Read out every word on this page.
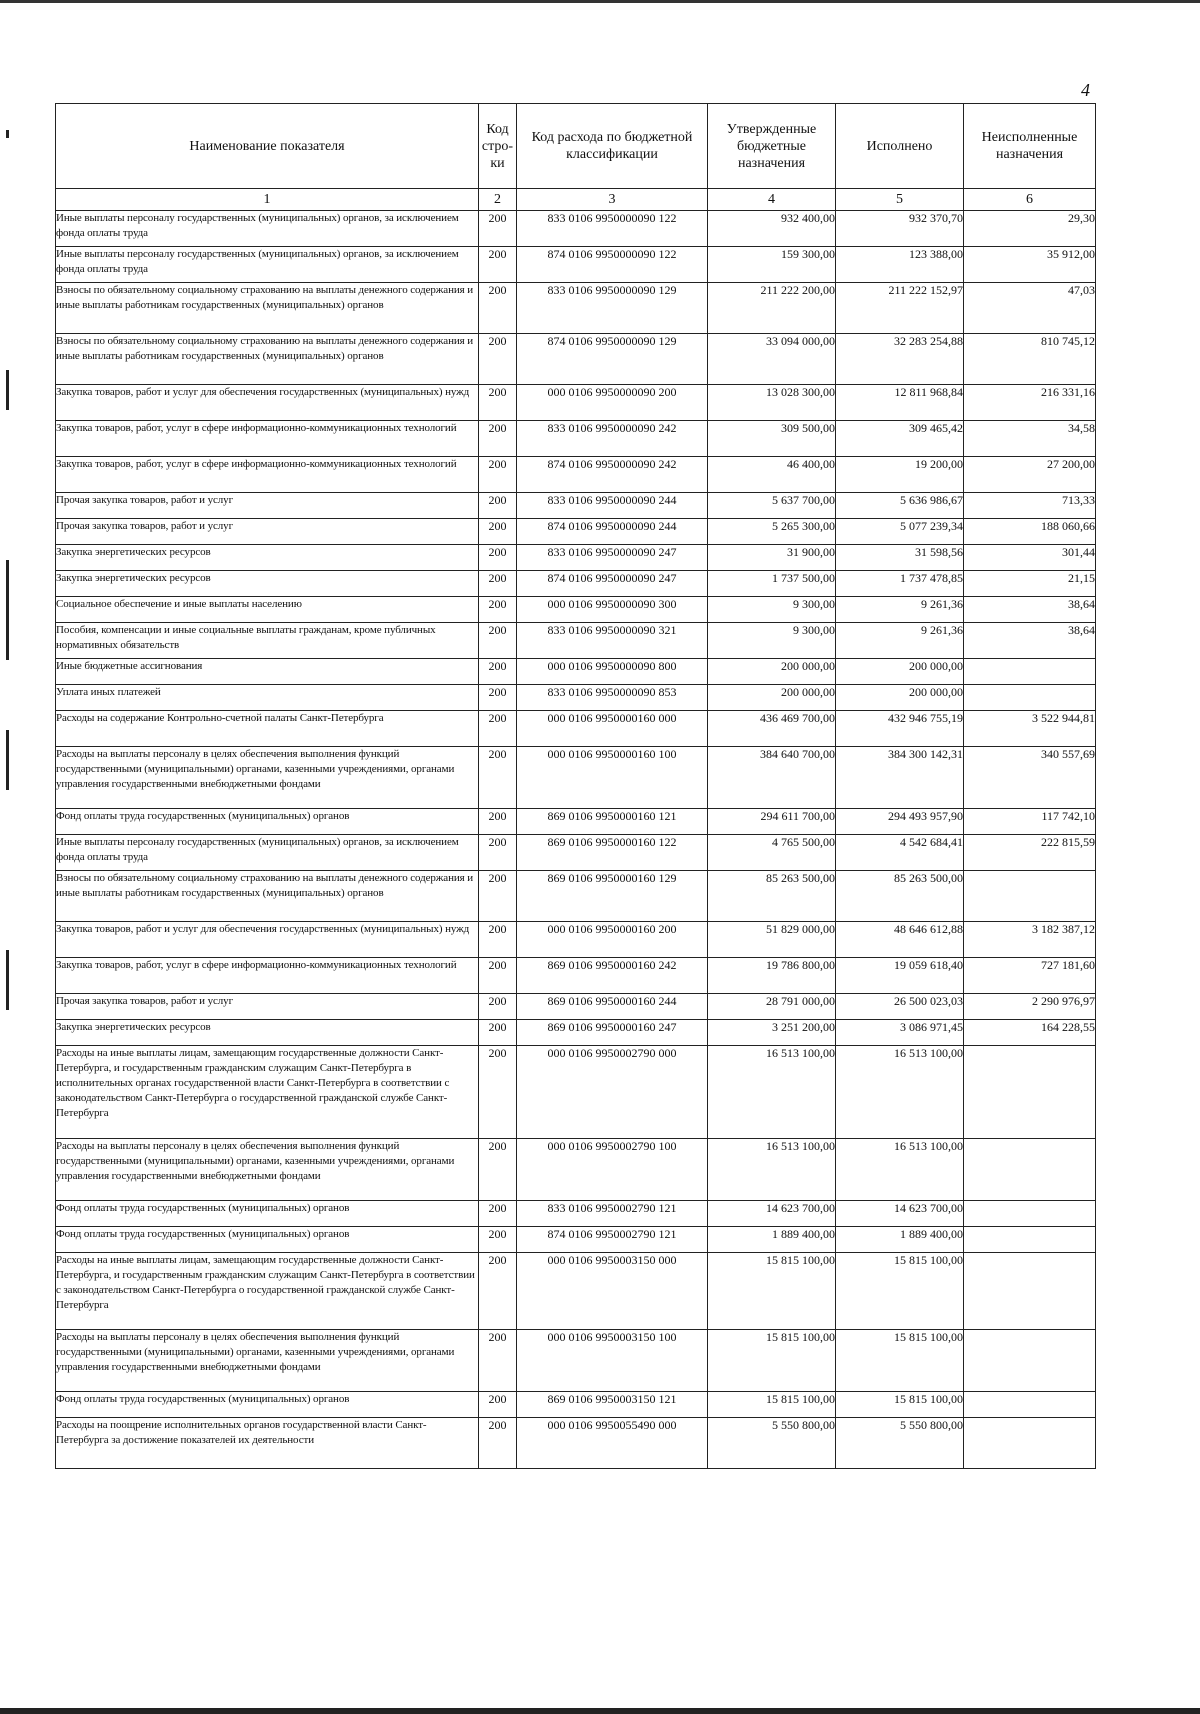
4
Наименование показателя	Код стро-ки	Код расхода по бюджетной классификации	Утвержденные бюджетные назначения	Исполнено	Неисполненные назначения
1	2	3	4	5	6
Иные выплаты персоналу государственных (муниципальных) органов, за исключением фонда оплаты труда	200	833 0106 9950000090 122	932 400,00	932 370,70	29,30
Иные выплаты персоналу государственных (муниципальных) органов, за исключением фонда оплаты труда	200	874 0106 9950000090 122	159 300,00	123 388,00	35 912,00
Взносы по обязательному социальному страхованию на выплаты денежного содержания и иные выплаты работникам государственных (муниципальных) органов	200	833 0106 9950000090 129	211 222 200,00	211 222 152,97	47,03
Взносы по обязательному социальному страхованию на выплаты денежного содержания и иные выплаты работникам государственных (муниципальных) органов	200	874 0106 9950000090 129	33 094 000,00	32 283 254,88	810 745,12
Закупка товаров, работ и услуг для обеспечения государственных (муниципальных) нужд	200	000 0106 9950000090 200	13 028 300,00	12 811 968,84	216 331,16
Закупка товаров, работ, услуг в сфере информационно-коммуникационных технологий	200	833 0106 9950000090 242	309 500,00	309 465,42	34,58
Закупка товаров, работ, услуг в сфере информационно-коммуникационных технологий	200	874 0106 9950000090 242	46 400,00	19 200,00	27 200,00
Прочая закупка товаров, работ и услуг	200	833 0106 9950000090 244	5 637 700,00	5 636 986,67	713,33
Прочая закупка товаров, работ и услуг	200	874 0106 9950000090 244	5 265 300,00	5 077 239,34	188 060,66
Закупка энергетических ресурсов	200	833 0106 9950000090 247	31 900,00	31 598,56	301,44
Закупка энергетических ресурсов	200	874 0106 9950000090 247	1 737 500,00	1 737 478,85	21,15
Социальное обеспечение и иные выплаты населению	200	000 0106 9950000090 300	9 300,00	9 261,36	38,64
Пособия, компенсации и иные социальные выплаты гражданам, кроме публичных нормативных обязательств	200	833 0106 9950000090 321	9 300,00	9 261,36	38,64
Иные бюджетные ассигнования	200	000 0106 9950000090 800	200 000,00	200 000,00	
Уплата иных платежей	200	833 0106 9950000090 853	200 000,00	200 000,00	
Расходы на содержание Контрольно-счетной палаты Санкт-Петербурга	200	000 0106 9950000160 000	436 469 700,00	432 946 755,19	3 522 944,81
Расходы на выплаты персоналу в целях обеспечения выполнения функций государственными (муниципальными) органами, казенными учреждениями, органами управления государственными внебюджетными фондами	200	000 0106 9950000160 100	384 640 700,00	384 300 142,31	340 557,69
Фонд оплаты труда государственных (муниципальных) органов	200	869 0106 9950000160 121	294 611 700,00	294 493 957,90	117 742,10
Иные выплаты персоналу государственных (муниципальных) органов, за исключением фонда оплаты труда	200	869 0106 9950000160 122	4 765 500,00	4 542 684,41	222 815,59
Взносы по обязательному социальному страхованию на выплаты денежного содержания и иные выплаты работникам государственных (муниципальных) органов	200	869 0106 9950000160 129	85 263 500,00	85 263 500,00	
Закупка товаров, работ и услуг для обеспечения государственных (муниципальных) нужд	200	000 0106 9950000160 200	51 829 000,00	48 646 612,88	3 182 387,12
Закупка товаров, работ, услуг в сфере информационно-коммуникационных технологий	200	869 0106 9950000160 242	19 786 800,00	19 059 618,40	727 181,60
Прочая закупка товаров, работ и услуг	200	869 0106 9950000160 244	28 791 000,00	26 500 023,03	2 290 976,97
Закупка энергетических ресурсов	200	869 0106 9950000160 247	3 251 200,00	3 086 971,45	164 228,55
Расходы на иные выплаты лицам, замещающим государственные должности Санкт-Петербурга, и государственным гражданским служащим Санкт-Петербурга в исполнительных органах государственной власти Санкт-Петербурга в соответствии с законодательством Санкт-Петербурга о государственной гражданской службе Санкт-Петербурга	200	000 0106 9950002790 000	16 513 100,00	16 513 100,00	
Расходы на выплаты персоналу в целях обеспечения выполнения функций государственными (муниципальными) органами, казенными учреждениями, органами управления государственными внебюджетными фондами	200	000 0106 9950002790 100	16 513 100,00	16 513 100,00	
Фонд оплаты труда государственных (муниципальных) органов	200	833 0106 9950002790 121	14 623 700,00	14 623 700,00	
Фонд оплаты труда государственных (муниципальных) органов	200	874 0106 9950002790 121	1 889 400,00	1 889 400,00	
Расходы на иные выплаты лицам, замещающим государственные должности Санкт-Петербурга, и государственным гражданским служащим Санкт-Петербурга в соответствии с законодательством Санкт-Петербурга о государственной гражданской службе Санкт-Петербурга	200	000 0106 9950003150 000	15 815 100,00	15 815 100,00	
Расходы на выплаты персоналу в целях обеспечения выполнения функций государственными (муниципальными) органами, казенными учреждениями, органами управления государственными внебюджетными фондами	200	000 0106 9950003150 100	15 815 100,00	15 815 100,00	
Фонд оплаты труда государственных (муниципальных) органов	200	869 0106 9950003150 121	15 815 100,00	15 815 100,00	
Расходы на поощрение исполнительных органов государственной власти Санкт-Петербурга за достижение показателей их деятельности	200	000 0106 9950055490 000	5 550 800,00	5 550 800,00	
